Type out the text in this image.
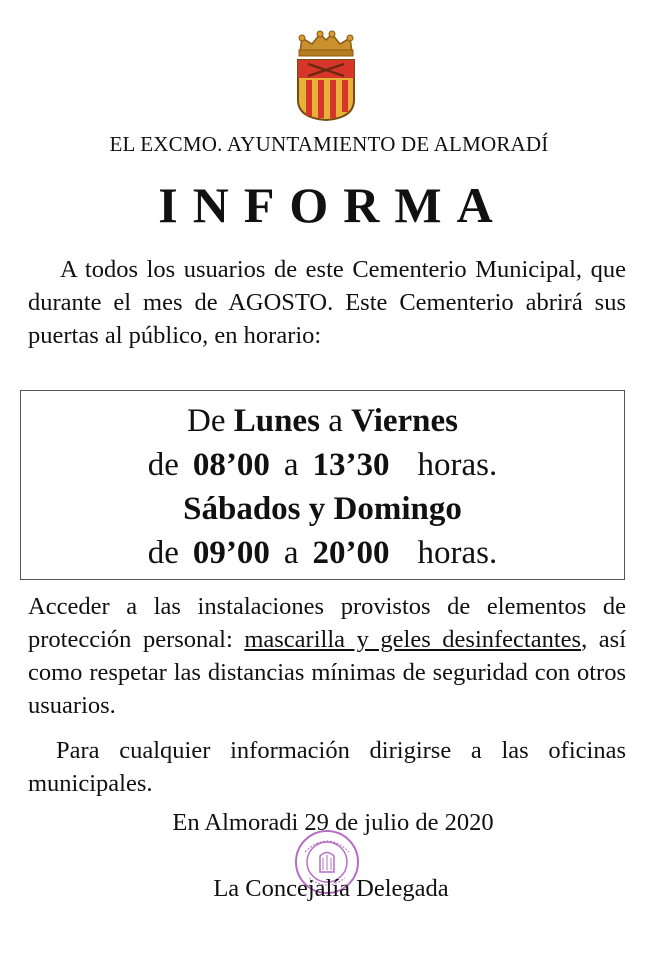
EL EXCMO. AYUNTAMIENTO DE ALMORADÍ
INFORMA
A todos los usuarios de este Cementerio Municipal, que durante el mes de AGOSTO. Este Cementerio abrirá sus puertas al público, en horario:
De Lunes a Viernes
de 08’00 a 13’30 horas.
Sábados y Domingo
de 09’00 a 20’00 horas.
Acceder a las instalaciones provistos de elementos de protección personal: mascarilla y geles desinfectantes, así como respetar las distancias mínimas de seguridad con otros usuarios.
Para cualquier información dirigirse a las oficinas municipales.
En Almoradi 29 de julio de 2020
La Concejalía Delegada
